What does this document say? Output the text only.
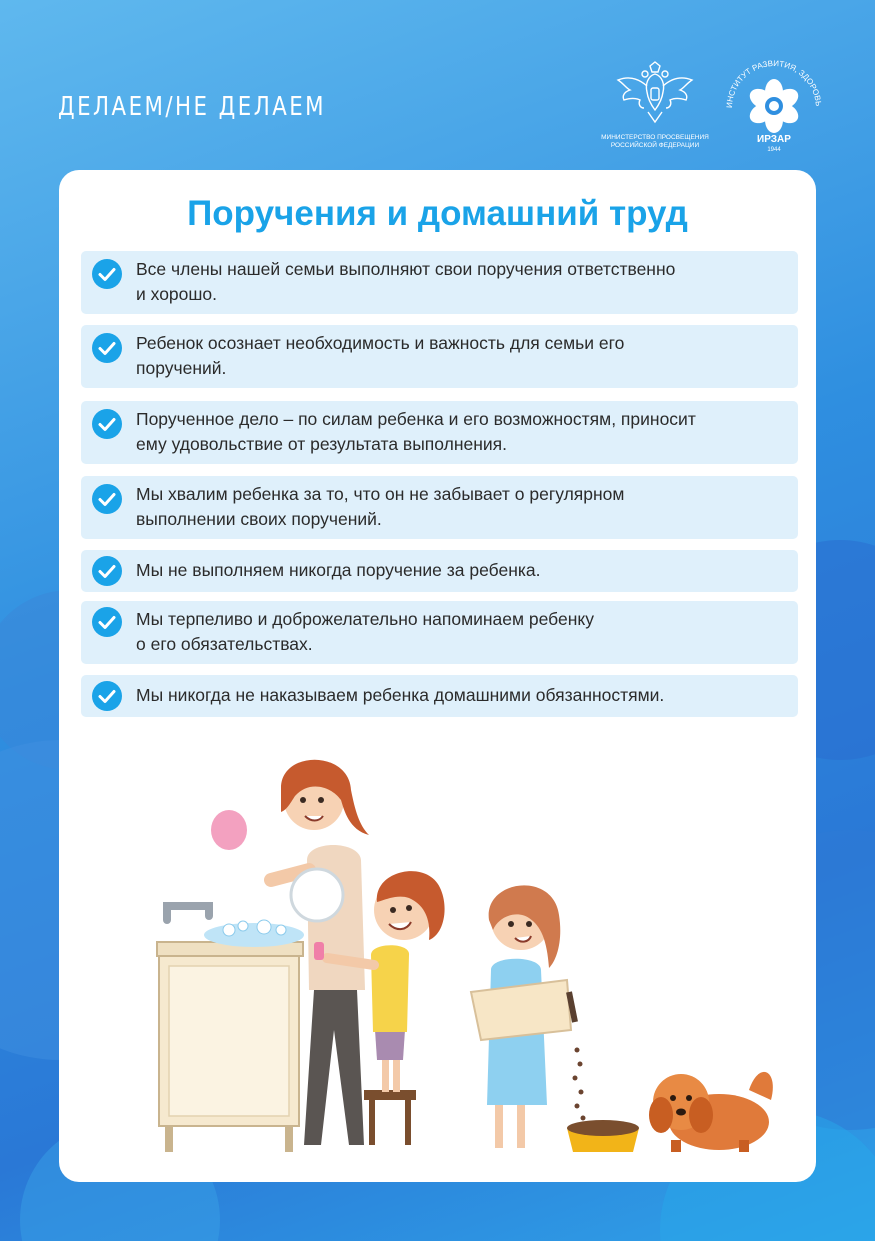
ДЕЛАЕМ/НЕ ДЕЛАЕМ
МИНИСТЕРСТВО ПРОСВЕЩЕНИЯ
РОССИЙСКОЙ ФЕДЕРАЦИИ
НСТИТУТ РАЗВИТИЯ, ЗДОРОВ
ИРЗАР
1944
Поручения и домашний труд
Все члены нашей семьи выполняют свои поручения ответственно
и хорошо.
Ребенок осознает необходимость и важность для семьи его
поручений.
Порученное дело – по силам ребенка и его возможностям, приносит
ему удовольствие от результата выполнения.
Мы хвалим ребенка за то, что он не забывает о регулярном
выполнении своих поручений.
Мы не выполняем никогда поручение за ребенка.
Мы терпеливо и доброжелательно напоминаем ребенку
о его обязательствах.
Мы никогда не наказываем ребенка домашними обязанностями.
